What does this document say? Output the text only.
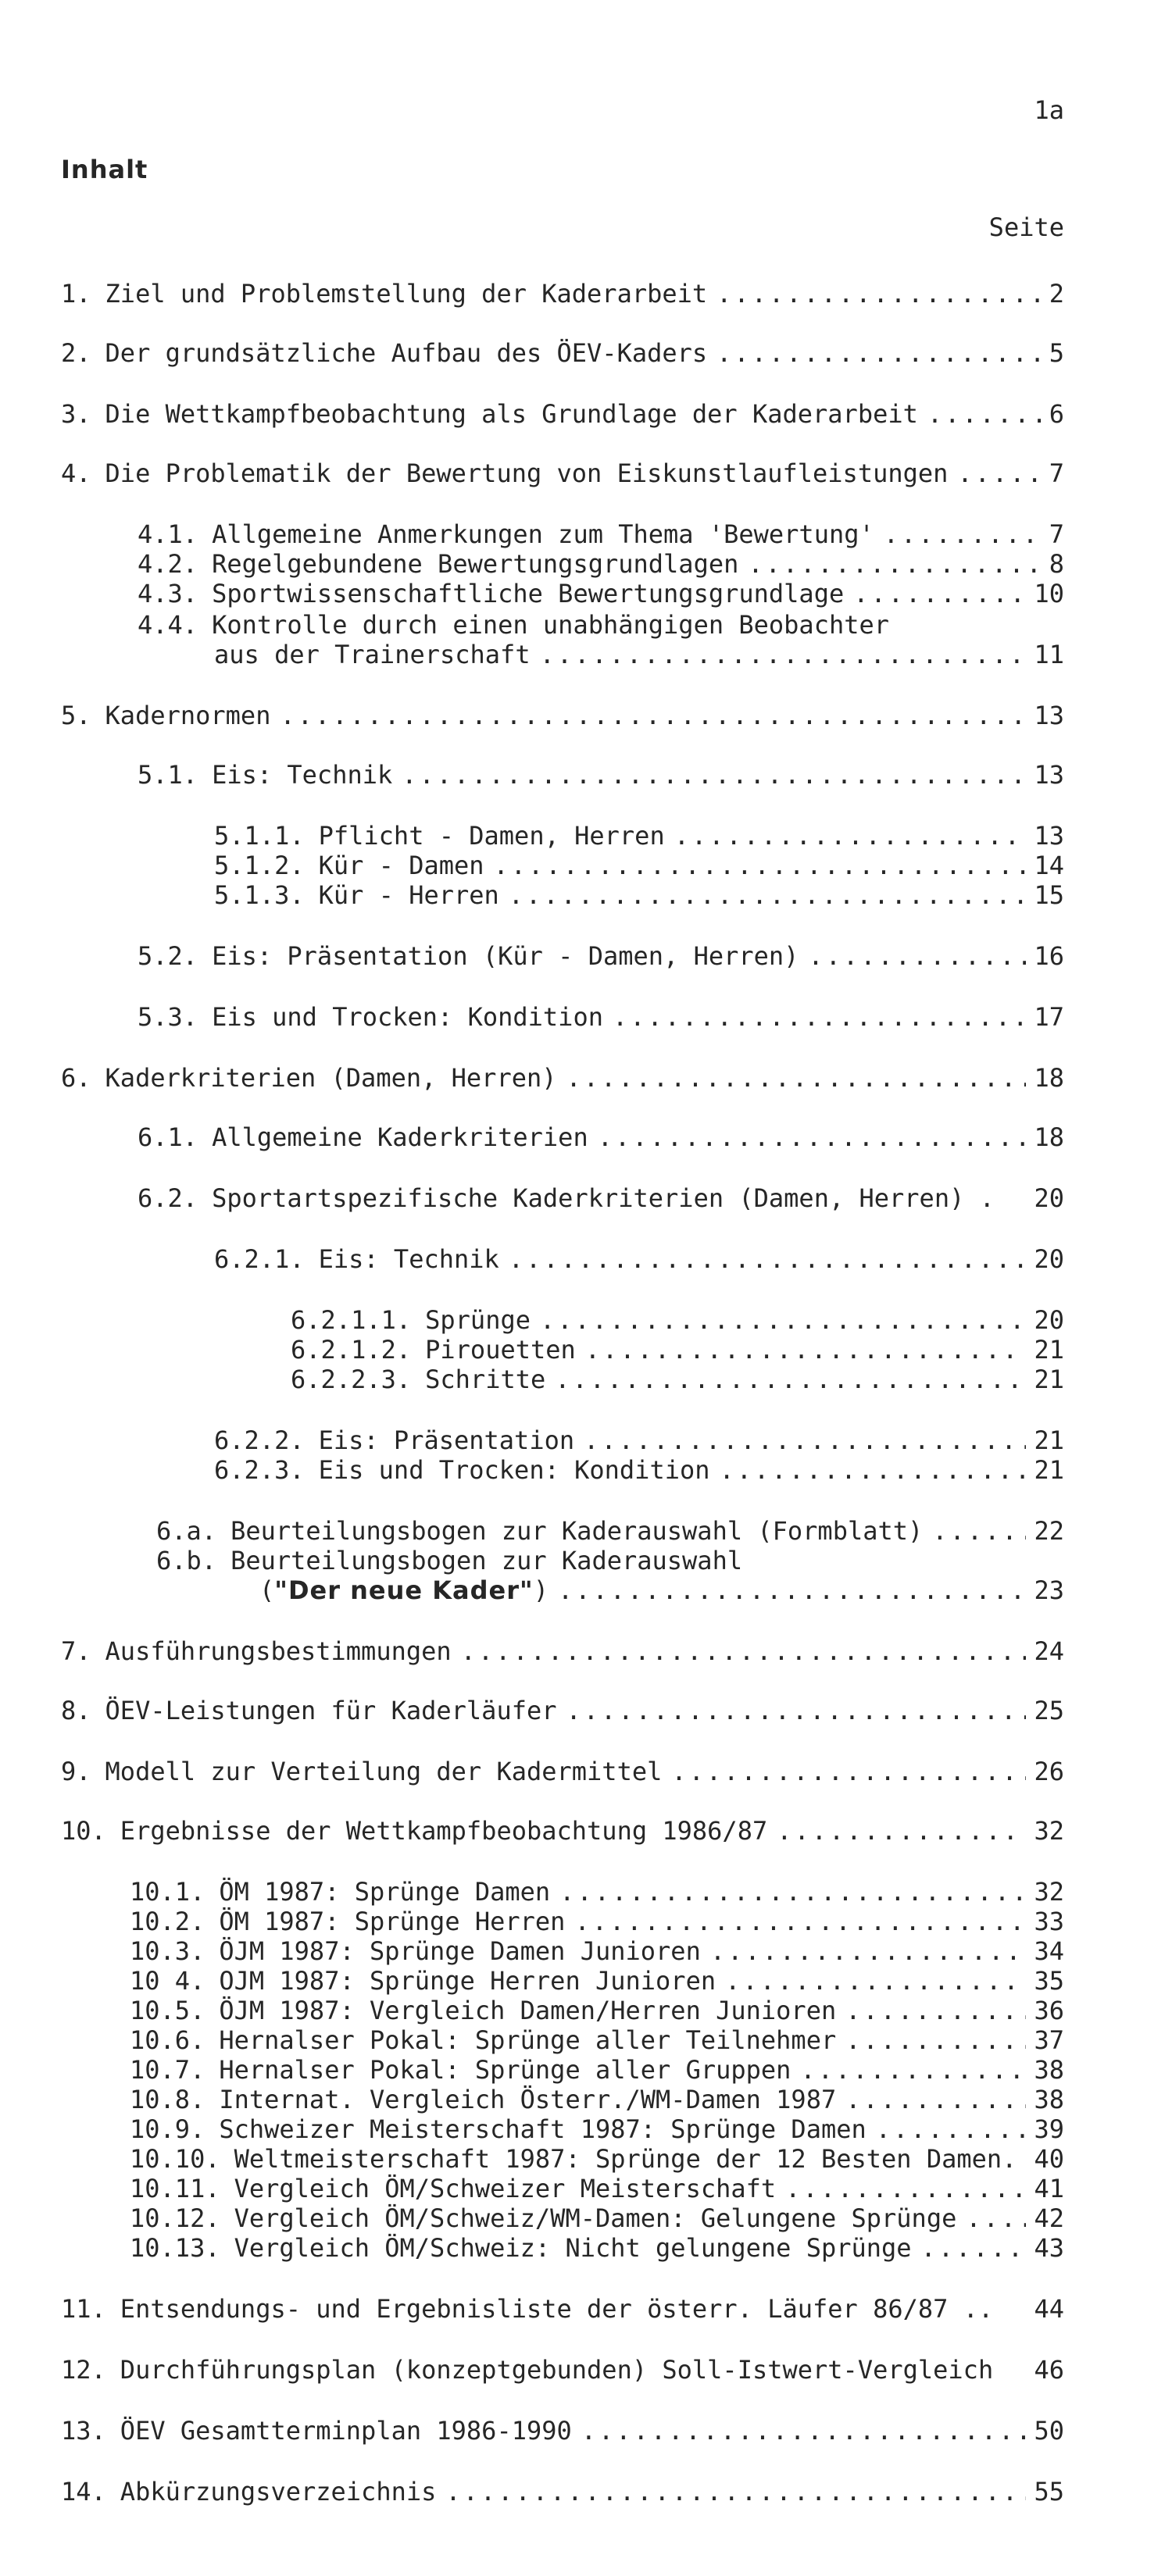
1a
Inhalt
Seite
1. Ziel und Problemstellung der Kaderarbeit .....	2
2. Der grundsätzliche Aufbau des ÖEV-Kaders .....	5
3. Die Wettkampfbeobachtung als Grundlage der Kaderarbeit .....	6
4. Die Problematik der Bewertung von Eiskunstlaufleistungen .....	7
4.1. Allgemeine Anmerkungen zum Thema 'Bewertung' .....	7
4.2. Regelgebundene Bewertungsgrundlagen .....	8
4.3. Sportwissenschaftliche Bewertungsgrundlage .....	10
4.4. Kontrolle durch einen unabhängigen Beobachter
aus der Trainerschaft .....	11
5. Kadernormen .....	13
5.1. Eis: Technik .....	13
5.1.1. Pflicht - Damen, Herren .....	13
5.1.2. Kür - Damen .....	14
5.1.3. Kür - Herren .....	15
5.2. Eis: Präsentation (Kür - Damen, Herren) .....	16
5.3. Eis und Trocken: Kondition .....	17
6. Kaderkriterien (Damen, Herren) .....	18
6.1. Allgemeine Kaderkriterien .....	18
6.2. Sportartspezifische Kaderkriterien (Damen, Herren) .	20
6.2.1. Eis: Technik .....	20
6.2.1.1. Sprünge .....	20
6.2.1.2. Pirouetten .....	21
6.2.2.3. Schritte .....	21
6.2.2. Eis: Präsentation .....	21
6.2.3. Eis und Trocken: Kondition .....	21
6.a. Beurteilungsbogen zur Kaderauswahl (Formblatt) .....	22
6.b. Beurteilungsbogen zur Kaderauswahl
("Der neue Kader") .....	23
7. Ausführungsbestimmungen .....	24
8. ÖEV-Leistungen für Kaderläufer .....	25
9. Modell zur Verteilung der Kadermittel .....	26
10. Ergebnisse der Wettkampfbeobachtung 1986/87 .....	32
10.1. ÖM 1987: Sprünge Damen .....	32
10.2. ÖM 1987: Sprünge Herren .....	33
10.3. ÖJM 1987: Sprünge Damen Junioren .....	34
10 4. OJM 1987: Sprünge Herren Junioren .....	35
10.5. ÖJM 1987: Vergleich Damen/Herren Junioren .....	36
10.6. Hernalser Pokal: Sprünge aller Teilnehmer .....	37
10.7. Hernalser Pokal: Sprünge aller Gruppen .....	38
10.8. Internat. Vergleich Österr./WM-Damen 1987 .....	38
10.9. Schweizer Meisterschaft 1987: Sprünge Damen .....	39
10.10. Weltmeisterschaft 1987: Sprünge der 12 Besten Damen. 40
10.11. Vergleich ÖM/Schweizer Meisterschaft .....	41
10.12. Vergleich ÖM/Schweiz/WM-Damen: Gelungene Sprünge .....	42
10.13. Vergleich ÖM/Schweiz: Nicht gelungene Sprünge .....	43
11. Entsendungs- und Ergebnisliste der österr. Läufer 86/87 ..	44
12. Durchführungsplan (konzeptgebunden) Soll-Istwert-Vergleich	46
13. ÖEV Gesamtterminplan 1986-1990 .....	50
14. Abkürzungsverzeichnis .....	55
